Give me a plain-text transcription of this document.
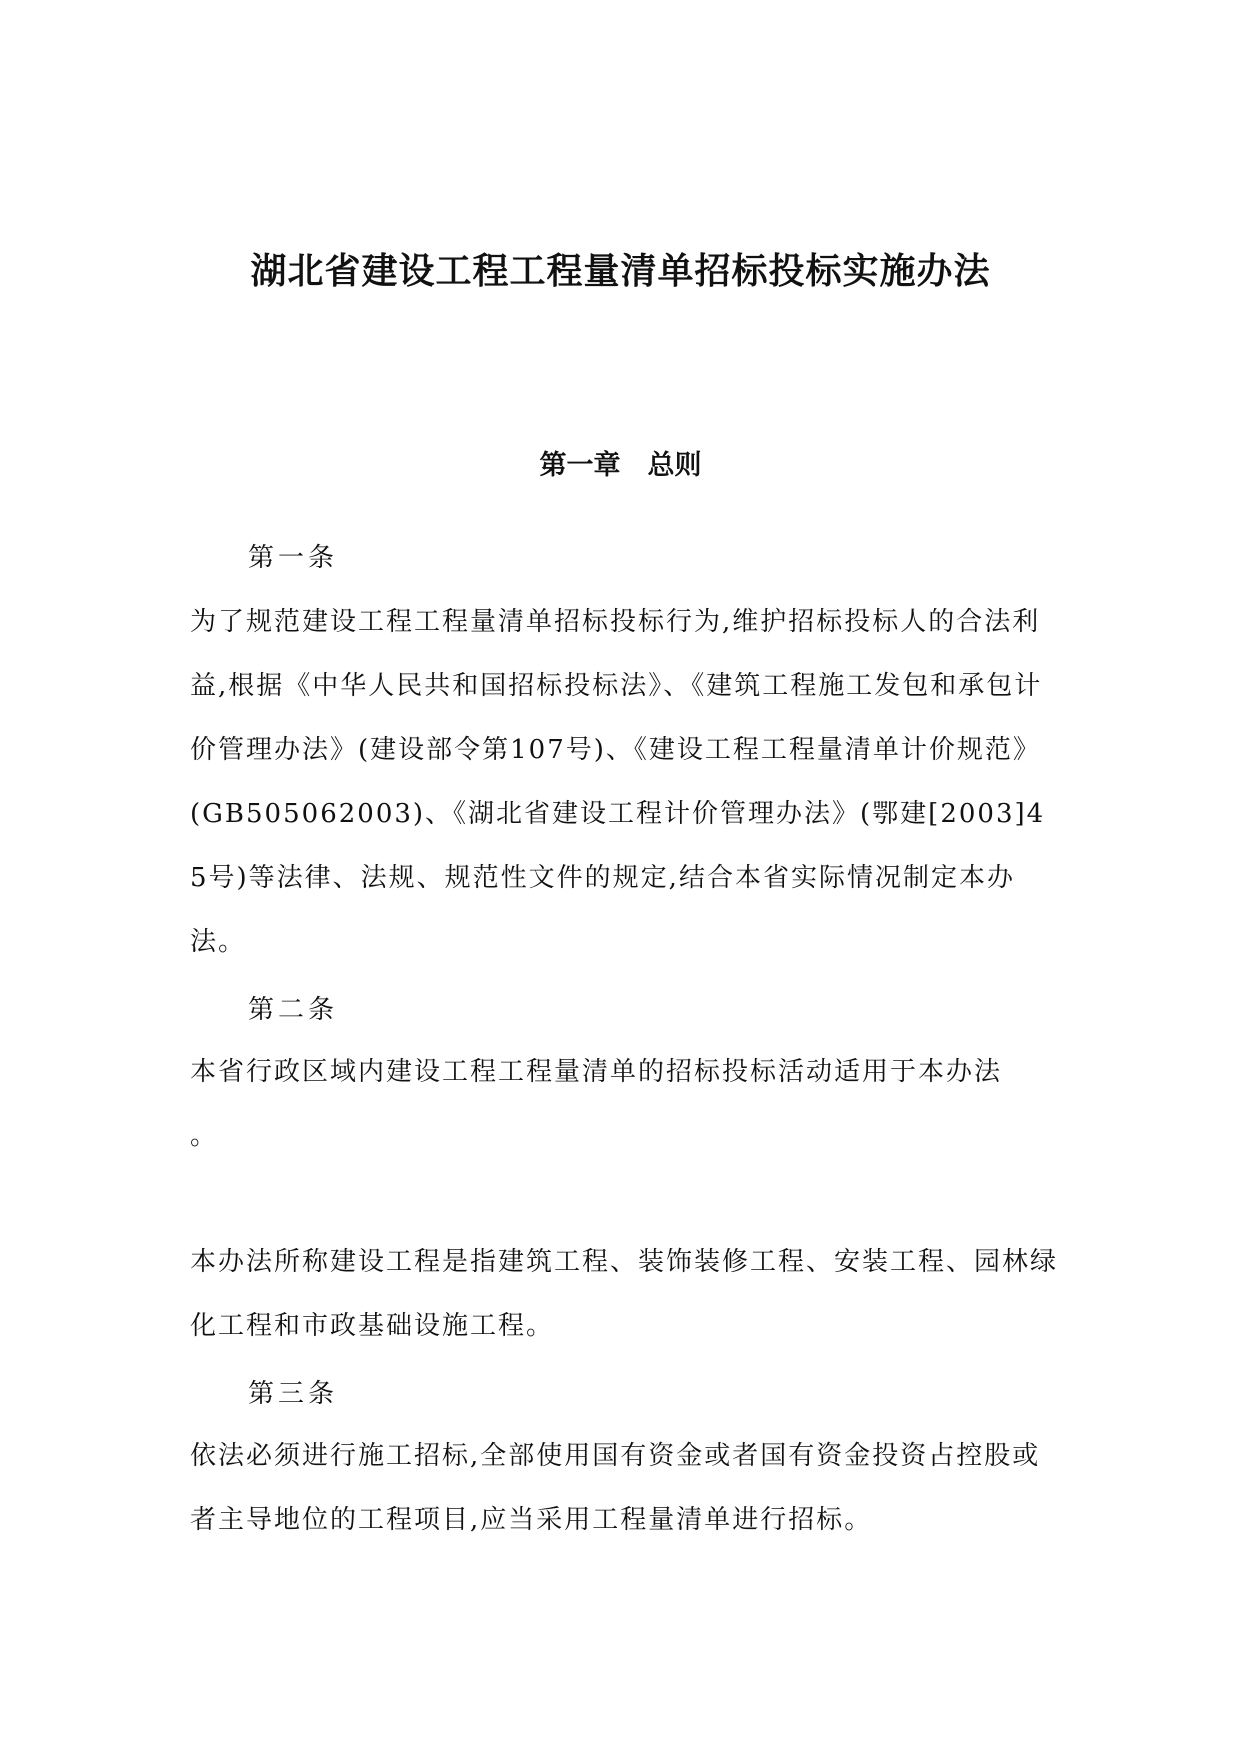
湖北省建设工程工程量清单招标投标实施办法
第一章　总则
第一条

为了规范建设工程工程量清单招标投标行为,维护招标投标人的合法利益,根据《中华人民共和国招标投标法》、《建筑工程施工发包和承包计价管理办法》(建设部令第107号)、《建设工程工程量清单计价规范》(GB505062003)、《湖北省建设工程计价管理办法》(鄂建[2003]45号)等法律、法规、规范性文件的规定,结合本省实际情况制定本办法。

第二条

本省行政区域内建设工程工程量清单的招标投标活动适用于本办法

。

本办法所称建设工程是指建筑工程、装饰装修工程、安装工程、园林绿化工程和市政基础设施工程。

第三条

依法必须进行施工招标,全部使用国有资金或者国有资金投资占控股或者主导地位的工程项目,应当采用工程量清单进行招标。
